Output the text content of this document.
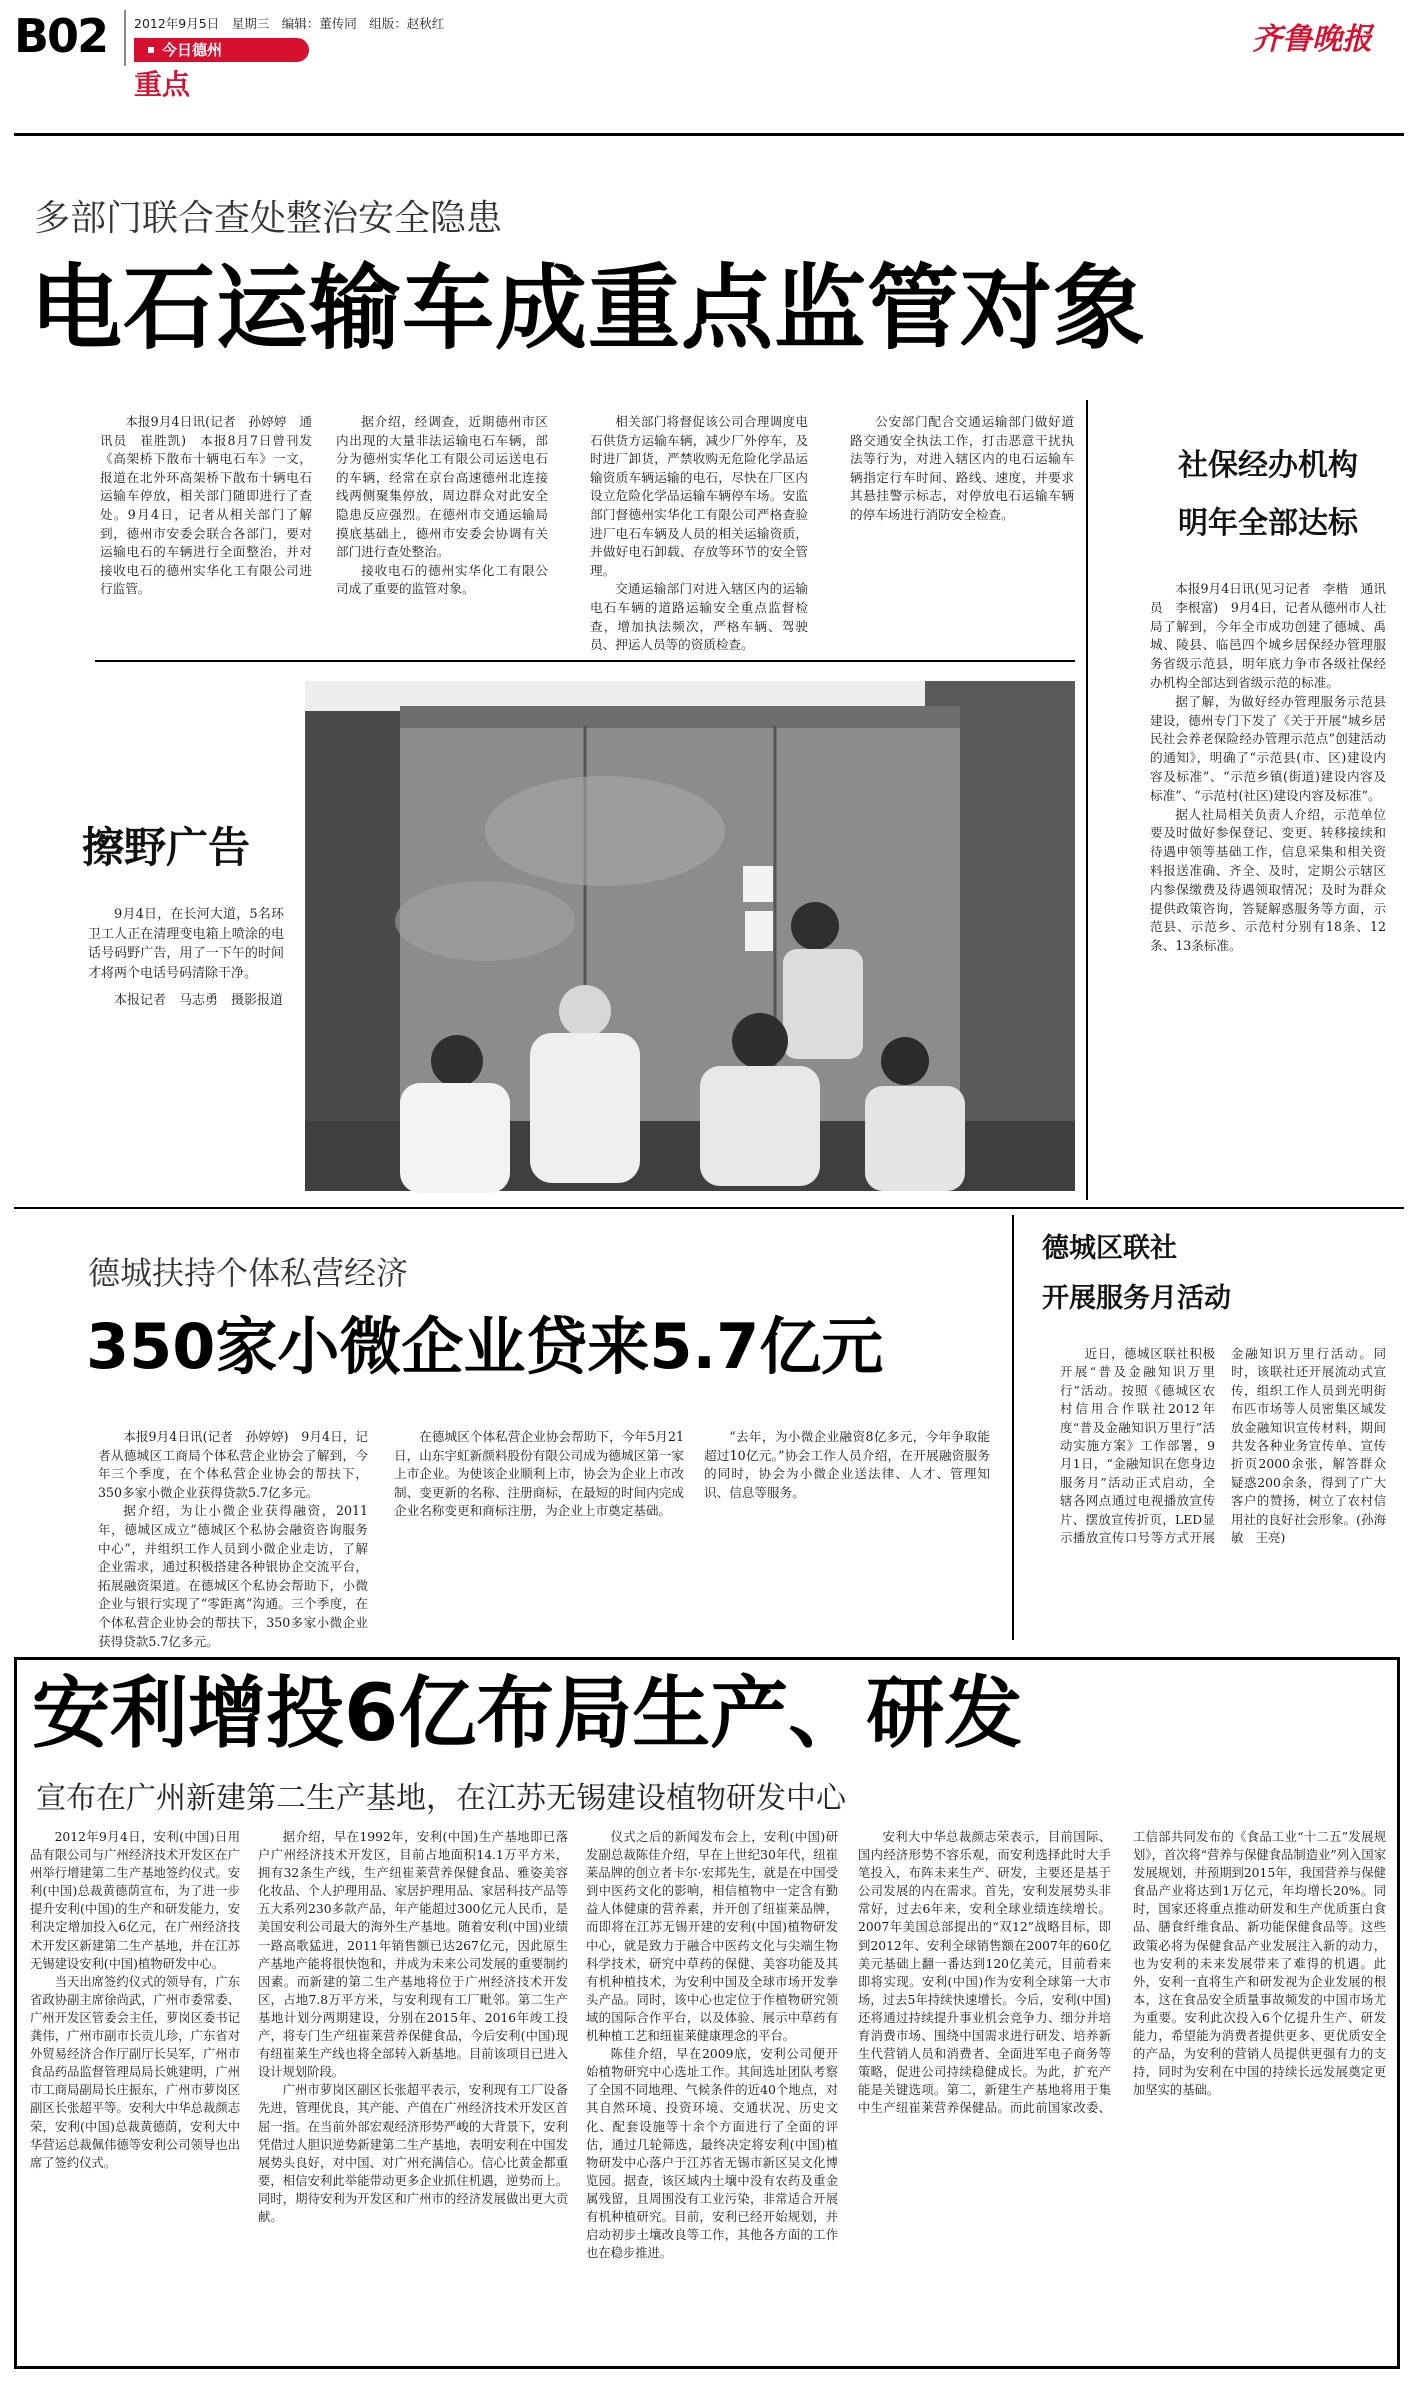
B02 2012年9月5日　星期三　编辑：董传同　组版：赵秋红
今日德州
重点
齐鲁晚报
多部门联合查处整治安全隐患
电石运输车成重点监管对象

本报9月4日讯(记者　孙婷婷　通讯员　崔胜凯)　本报8月7日曾刊发《高架桥下散布十辆电石车》一文，报道在北外环高架桥下散布十辆电石运输车停放，相关部门随即进行了查处。9月4日，记者从相关部门了解到，德州市安委会联合各部门，要对运输电石的车辆进行全面整治，并对接收电石的德州实华化工有限公司进行监管。

据介绍，经调查，近期德州市区内出现的大量非法运输电石车辆，部分为德州实华化工有限公司运送电石的车辆，经常在京台高速德州北连接线两侧聚集停放，周边群众对此安全隐患反应强烈。在德州市交通运输局摸底基础上，德州市安委会协调有关部门进行查处整治。

接收电石的德州实华化工有限公司成了重要的监管对象。

相关部门将督促该公司合理调度电石供货方运输车辆，减少厂外停车，及时进厂卸货，严禁收购无危险化学品运输资质车辆运输的电石，尽快在厂区内设立危险化学品运输车辆停车场。安监部门督德州实华化工有限公司严格查验进厂电石车辆及人员的相关运输资质，并做好电石卸载、存放等环节的安全管理。

交通运输部门对进入辖区内的运输电石车辆的道路运输安全重点监督检查，增加执法频次，严格车辆、驾驶员、押运人员等的资质检查。

公安部门配合交通运输部门做好道路交通安全执法工作，打击恶意干扰执法等行为，对进入辖区内的电石运输车辆指定行车时间、路线、速度，并要求其悬挂警示标志，对停放电石运输车辆的停车场进行消防安全检查。

社保经办机构
明年全部达标

本报9月4日讯(见习记者　李楷　通讯员　李根富)　9月4日，记者从德州市人社局了解到，今年全市成功创建了德城、禹城、陵县、临邑四个城乡居保经办管理服务省级示范县，明年底力争市各级社保经办机构全部达到省级示范的标准。

据了解，为做好经办管理服务示范县建设，德州专门下发了《关于开展“城乡居民社会养老保险经办管理示范点”创建活动的通知》，明确了“示范县(市、区)建设内容及标准”、“示范乡镇(街道)建设内容及标准”、“示范村(社区)建设内容及标准”。

据人社局相关负责人介绍，示范单位要及时做好参保登记、变更、转移接续和待遇申领等基础工作，信息采集和相关资料报送准确、齐全、及时，定期公示辖区内参保缴费及待遇领取情况；及时为群众提供政策咨询，答疑解惑服务等方面，示范县、示范乡、示范村分别有18条、12条、13条标准。

擦野广告

9月4日，在长河大道，5名环卫工人正在清理变电箱上喷涂的电话号码野广告，用了一下午的时间才将两个电话号码清除干净。

本报记者　马志勇　摄影报道

德城扶持个体私营经济
350家小微企业贷来5.7亿元

本报9月4日讯(记者　孙婷婷)　9月4日，记者从德城区工商局个体私营企业协会了解到，今年三个季度，在个体私营企业协会的帮扶下，350多家小微企业获得贷款5.7亿多元。

据介绍，为让小微企业获得融资，2011年，德城区成立“德城区个私协会融资咨询服务中心”，并组织工作人员到小微企业走访，了解企业需求，通过积极搭建各种银协企交流平台，拓展融资渠道。在德城区个私协会帮助下，小微企业与银行实现了“零距离”沟通。三个季度，在个体私营企业协会的帮扶下，350多家小微企业获得贷款5.7亿多元。

在德城区个体私营企业协会帮助下，今年5月21日，山东宇虹新颜料股份有限公司成为德城区第一家上市企业。为使该企业顺利上市，协会为企业上市改制、变更新的名称、注册商标，在最短的时间内完成企业名称变更和商标注册，为企业上市奠定基础。

“去年，为小微企业融资8亿多元，今年争取能超过10亿元。”协会工作人员介绍，在开展融资服务的同时，协会为小微企业送法律、人才、管理知识、信息等服务。

德城区联社
开展服务月活动

近日，德城区联社积极开展“普及金融知识万里行”活动。按照《德城区农村信用合作联社2012年度“普及金融知识万里行”活动实施方案》工作部署，9月1日，“金融知识在您身边服务月”活动正式启动，全辖各网点通过电视播放宣传片、摆放宣传折页，LED显示播放宣传口号等方式开展金融知识万里行活动。同时，该联社还开展流动式宣传，组织工作人员到光明街布匹市场等人员密集区域发放金融知识宣传材料，期间共发各种业务宣传单、宣传折页2000余张，解答群众疑惑200余条，得到了广大客户的赞扬，树立了农村信用社的良好社会形象。(孙海敏　王亮)

安利增投6亿布局生产、研发
宣布在广州新建第二生产基地，在江苏无锡建设植物研发中心

2012年9月4日，安利(中国)日用品有限公司与广州经济技术开发区在广州举行增建第二生产基地签约仪式。安利(中国)总裁黄德荫宣布，为了进一步提升安利(中国)的生产和研发能力，安利决定增加投入6亿元，在广州经济技术开发区新建第二生产基地，并在江苏无锡建设安利(中国)植物研发中心。

当天出席签约仪式的领导有，广东省政协副主席徐尚武，广州市委常委、广州开发区管委会主任，萝岗区委书记龚伟，广州市副市长贡儿珍，广东省对外贸易经济合作厅副厅长吴军，广州市食品药品监督管理局局长姚建明，广州市工商局副局长庄振东，广州市萝岗区副区长张超平等。安利大中华总裁颜志荣，安利(中国)总裁黄德荫，安利大中华营运总裁佩伟德等安利公司领导也出席了签约仪式。

据介绍，早在1992年，安利(中国)生产基地即已落户广州经济技术开发区，目前占地面积14.1万平方米，拥有32条生产线，生产纽崔莱营养保健食品、雅姿美容化妆品、个人护理用品、家居护理用品、家居科技产品等五大系列230多款产品，年产能超过300亿元人民币，是美国安利公司最大的海外生产基地。随着安利(中国)业绩一路高歌猛进，2011年销售额已达267亿元，因此原生产基地产能将很快饱和，并成为未来公司发展的重要制约因素。而新建的第二生产基地将位于广州经济技术开发区，占地7.8万平方米，与安利现有工厂毗邻。第二生产基地计划分两期建设，分别在2015年、2016年竣工投产，将专门生产纽崔莱营养保健食品，今后安利(中国)现有纽崔莱生产线也将全部转入新基地。目前该项目已进入设计规划阶段。

广州市萝岗区副区长张超平表示，安利现有工厂设备先进，管理优良，其产能、产值在广州经济技术开发区首屈一指。在当前外部宏观经济形势严峻的大背景下，安利凭借过人胆识逆势新建第二生产基地，表明安利在中国发展势头良好，对中国、对广州充满信心。信心比黄金都重要，相信安利此举能带动更多企业抓住机遇，逆势而上。同时，期待安利为开发区和广州市的经济发展做出更大贡献。

仪式之后的新闻发布会上，安利(中国)研发副总裁陈佳介绍，早在上世纪30年代，纽崔莱品牌的创立者卡尔·宏邦先生，就是在中国受到中医药文化的影响，相信植物中一定含有勤益人体健康的营养素，并开创了纽崔莱品牌，而即将在江苏无锡开建的安利(中国)植物研发中心，就是致力于融合中医药文化与尖端生物科学技术，研究中草药的保健、美容功能及其有机种植技术，为安利中国及全球市场开发拳头产品。同时，该中心也定位于作植物研究领域的国际合作平台，以及体验、展示中草药有机种植工艺和纽崔莱健康理念的平台。

陈佳介绍，早在2009底，安利公司便开始植物研究中心选址工作。其间选址团队考察了全国不同地理、气候条件的近40个地点，对其自然环境、投资环境、交通状况、历史文化、配套设施等十余个方面进行了全面的评估，通过几轮筛选，最终决定将安利(中国)植物研发中心落户于江苏省无锡市新区吴文化博览园。据查，该区域内土壤中没有农药及重金属残留，且周围没有工业污染，非常适合开展有机种植研究。目前，安利已经开始规划，并启动初步土壤改良等工作，其他各方面的工作也在稳步推进。

安利大中华总裁颜志荣表示，目前国际、国内经济形势不容乐观，而安利选择此时大手笔投入，布阵未来生产、研发，主要还是基于公司发展的内在需求。首先，安利发展势头非常好，过去6年来，安利全球业绩连续增长。2007年美国总部提出的“双12”战略目标，即到2012年、安利全球销售额在2007年的60亿美元基础上翻一番达到120亿美元，目前看来即将实现。安利(中国)作为安利全球第一大市场，过去5年持续快速增长。今后，安利(中国)还将通过持续提升事业机会竞争力、细分并培育消费市场、围绕中国需求进行研发、培养新生代营销人员和消费者、全面进军电子商务等策略，促进公司持续稳健成长。为此，扩充产能是关键选项。第二，新建生产基地将用于集中生产纽崔莱营养保健品。而此前国家改委、工信部共同发布的《食品工业“十二五”发展规划》，首次将“营养与保健食品制造业”列入国家发展规划，并预期到2015年，我国营养与保健食品产业将达到1万亿元，年均增长20%。同时，国家还将重点推动研发和生产优质蛋白食品、膳食纤维食品、新功能保健食品等。这些政策必将为保健食品产业发展注入新的动力，也为安利的未来发展带来了难得的机遇。此外，安利一直将生产和研发视为企业发展的根本，这在食品安全质量事故频发的中国市场尤为重要。安利此次投入6个亿提升生产、研发能力，希望能为消费者提供更多、更优质安全的产品，为安利的营销人员提供更强有力的支持，同时为安利在中国的持续长远发展奠定更加坚实的基础。
